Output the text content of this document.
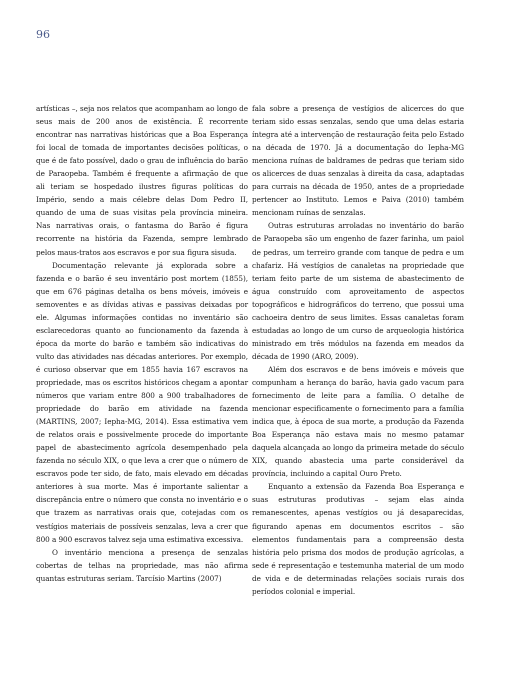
96

artísticas –, seja nos relatos que acompanham ao longo de seus mais de 200 anos de existência. É recorrente encontrar nas narrativas históricas que a Boa Esperança foi local de tomada de importantes decisões políticas, o que é de fato possível, dado o grau de influência do barão de Paraopeba. Também é frequente a afirmação de que ali teriam se hospedado ilustres figuras políticas do Império, sendo a mais célebre delas Dom Pedro II, quando de uma de suas visitas pela província mineira. Nas narrativas orais, o fantasma do Barão é figura recorrente na história da Fazenda, sempre lembrado pelos maus-tratos aos escravos e por sua figura sisuda.

Documentação relevante já explorada sobre a fazenda e o barão é seu inventário post mortem (1855), que em 676 páginas detalha os bens móveis, imóveis e semoventes e as dívidas ativas e passivas deixadas por ele. Algumas informações contidas no inventário são esclarecedoras quanto ao funcionamento da fazenda à época da morte do barão e também são indicativas do vulto das atividades nas décadas anteriores. Por exemplo, é curioso observar que em 1855 havia 167 escravos na propriedade, mas os escritos históricos chegam a apontar números que variam entre 800 a 900 trabalhadores de propriedade do barão em atividade na fazenda (MARTINS, 2007; Iepha-MG, 2014). Essa estimativa vem de relatos orais e possivelmente procede do importante papel de abastecimento agrícola desempenhado pela fazenda no século XIX, o que leva a crer que o número de escravos pode ter sido, de fato, mais elevado em décadas anteriores à sua morte. Mas é importante salientar a discrepância entre o número que consta no inventário e o que trazem as narrativas orais que, cotejadas com os vestígios materiais de possíveis senzalas, leva a crer que 800 a 900 escravos talvez seja uma estimativa excessiva.

O inventário menciona a presença de senzalas cobertas de telhas na propriedade, mas não afirma quantas estruturas seriam. Tarcísio Martins (2007)

fala sobre a presença de vestígios de alicerces do que teriam sido essas senzalas, sendo que uma delas estaria íntegra até a intervenção de restauração feita pelo Estado na década de 1970. Já a documentação do Iepha-MG menciona ruínas de baldrames de pedras que teriam sido os alicerces de duas senzalas à direita da casa, adaptadas para currais na década de 1950, antes de a propriedade pertencer ao Instituto. Lemos e Paiva (2010) também mencionam ruínas de senzalas.

Outras estruturas arroladas no inventário do barão de Paraopeba são um engenho de fazer farinha, um paiol de pedras, um terreiro grande com tanque de pedra e um chafariz. Há vestígios de canaletas na propriedade que teriam feito parte de um sistema de abastecimento de água construído com aproveitamento de aspectos topográficos e hidrográficos do terreno, que possui uma cachoeira dentro de seus limites. Essas canaletas foram estudadas ao longo de um curso de arqueologia histórica ministrado em três módulos na fazenda em meados da década de 1990 (ARO, 2009).

Além dos escravos e de bens imóveis e móveis que compunham a herança do barão, havia gado vacum para fornecimento de leite para a família. O detalhe de mencionar especificamente o fornecimento para a família indica que, à época de sua morte, a produção da Fazenda Boa Esperança não estava mais no mesmo patamar daquela alcançada ao longo da primeira metade do século XIX, quando abastecia uma parte considerável da província, incluindo a capital Ouro Preto.

Enquanto a extensão da Fazenda Boa Esperança e suas estruturas produtivas – sejam elas ainda remanescentes, apenas vestígios ou já desaparecidas, figurando apenas em documentos escritos – são elementos fundamentais para a compreensão desta história pelo prisma dos modos de produção agrícolas, a sede é representação e testemunha material de um modo de vida e de determinadas relações sociais rurais dos períodos colonial e imperial.
